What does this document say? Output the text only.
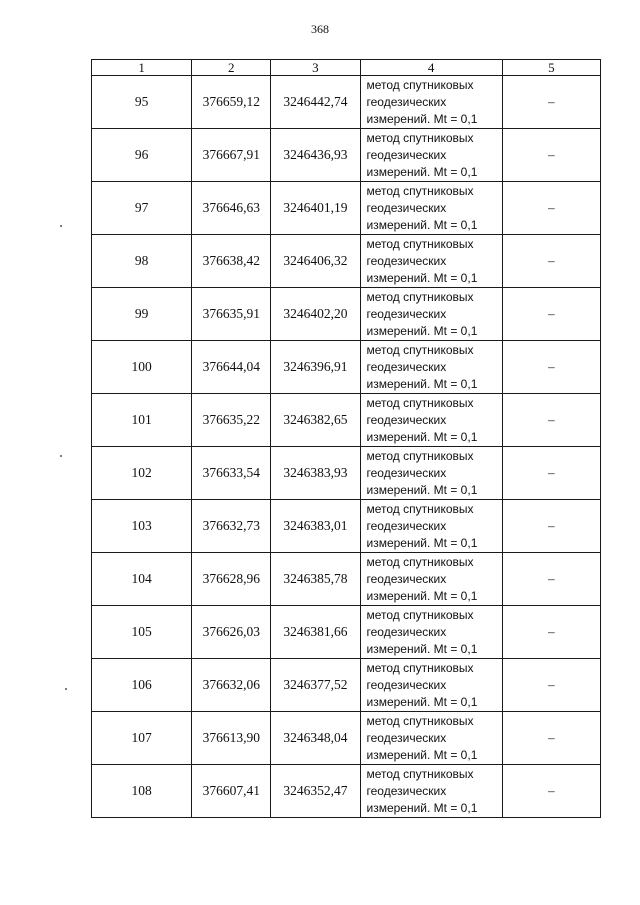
368
1	2	3	4	5
95	376659,12	3246442,74	метод спутниковых
геодезических
измерений. Mt = 0,1	–
96	376667,91	3246436,93	метод спутниковых
геодезических
измерений. Mt = 0,1	–
97	376646,63	3246401,19	метод спутниковых
геодезических
измерений. Mt = 0,1	–
98	376638,42	3246406,32	метод спутниковых
геодезических
измерений. Mt = 0,1	–
99	376635,91	3246402,20	метод спутниковых
геодезических
измерений. Mt = 0,1	–
100	376644,04	3246396,91	метод спутниковых
геодезических
измерений. Mt = 0,1	–
101	376635,22	3246382,65	метод спутниковых
геодезических
измерений. Mt = 0,1	–
102	376633,54	3246383,93	метод спутниковых
геодезических
измерений. Mt = 0,1	–
103	376632,73	3246383,01	метод спутниковых
геодезических
измерений. Mt = 0,1	–
104	376628,96	3246385,78	метод спутниковых
геодезических
измерений. Mt = 0,1	–
105	376626,03	3246381,66	метод спутниковых
геодезических
измерений. Mt = 0,1	–
106	376632,06	3246377,52	метод спутниковых
геодезических
измерений. Mt = 0,1	–
107	376613,90	3246348,04	метод спутниковых
геодезических
измерений. Mt = 0,1	–
108	376607,41	3246352,47	метод спутниковых
геодезических
измерений. Mt = 0,1	–
